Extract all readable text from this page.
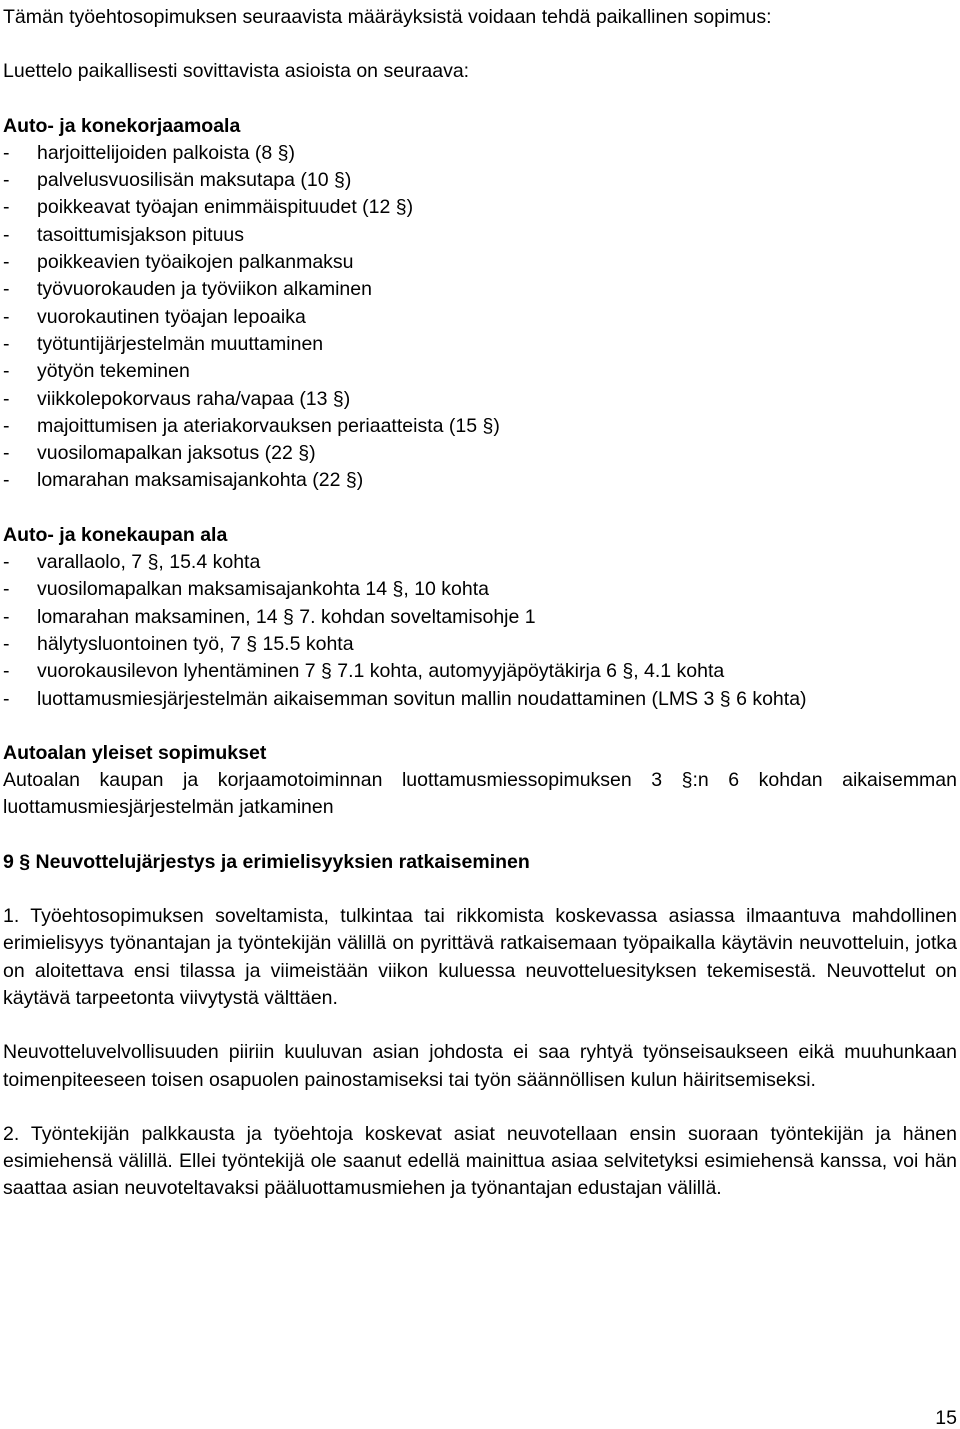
Tämän työehtosopimuksen seuraavista määräyksistä voidaan tehdä paikallinen sopimus:

Luettelo paikallisesti sovittavista asioista on seuraava:

Auto- ja konekorjaamoala

-	harjoittelijoiden palkoista (8 §)
-	palvelusvuosilisän maksutapa (10 §)
-	poikkeavat työajan enimmäispituudet (12 §)
-	tasoittumisjakson pituus
-	poikkeavien työaikojen palkanmaksu
-	työvuorokauden ja työviikon alkaminen
-	vuorokautinen työajan lepoaika
-	työtuntijärjestelmän muuttaminen
-	yötyön tekeminen
-	viikkolepokorvaus raha/vapaa (13 §)
-	majoittumisen ja ateriakorvauksen periaatteista (15 §)
-	vuosilomapalkan jaksotus (22 §)
-	lomarahan maksamisajankohta (22 §)

Auto- ja konekaupan ala

-	varallaolo, 7 §, 15.4 kohta
-	vuosilomapalkan maksamisajankohta 14 §, 10 kohta
-	lomarahan maksaminen, 14 § 7. kohdan soveltamisohje 1
-	hälytysluontoinen työ, 7 § 15.5 kohta
-	vuorokausilevon lyhentäminen 7 § 7.1 kohta, automyyjäpöytäkirja 6 §, 4.1 kohta
-	luottamusmiesjärjestelmän aikaisemman sovitun mallin noudattaminen (LMS 3 § 6 kohta)

Autoalan yleiset sopimukset

Autoalan kaupan ja korjaamotoiminnan luottamusmiessopimuksen 3 §:n 6 kohdan aikaisemman luottamusmiesjärjestelmän jatkaminen

9 § Neuvottelujärjestys ja erimielisyyksien ratkaiseminen

1. Työehtosopimuksen soveltamista, tulkintaa tai rikkomista koskevassa asiassa ilmaantuva mahdollinen erimielisyys työnantajan ja työntekijän välillä on pyrittävä ratkaisemaan työpaikalla käytävin neuvotteluin, jotka on aloitettava ensi tilassa ja viimeistään viikon kuluessa neuvotteluesityksen tekemisestä. Neuvottelut on käytävä tarpeetonta viivytystä välttäen.

Neuvotteluvelvollisuuden piiriin kuuluvan asian johdosta ei saa ryhtyä työnseisaukseen eikä muuhunkaan toimenpiteeseen toisen osapuolen painostamiseksi tai työn säännöllisen kulun häiritsemiseksi.

2. Työntekijän palkkausta ja työehtoja koskevat asiat neuvotellaan ensin suoraan työntekijän ja hänen esimiehensä välillä. Ellei työntekijä ole saanut edellä mainittua asiaa selvitetyksi esimiehensä kanssa, voi hän saattaa asian neuvoteltavaksi pääluottamusmiehen ja työnantajan edustajan välillä.

15
